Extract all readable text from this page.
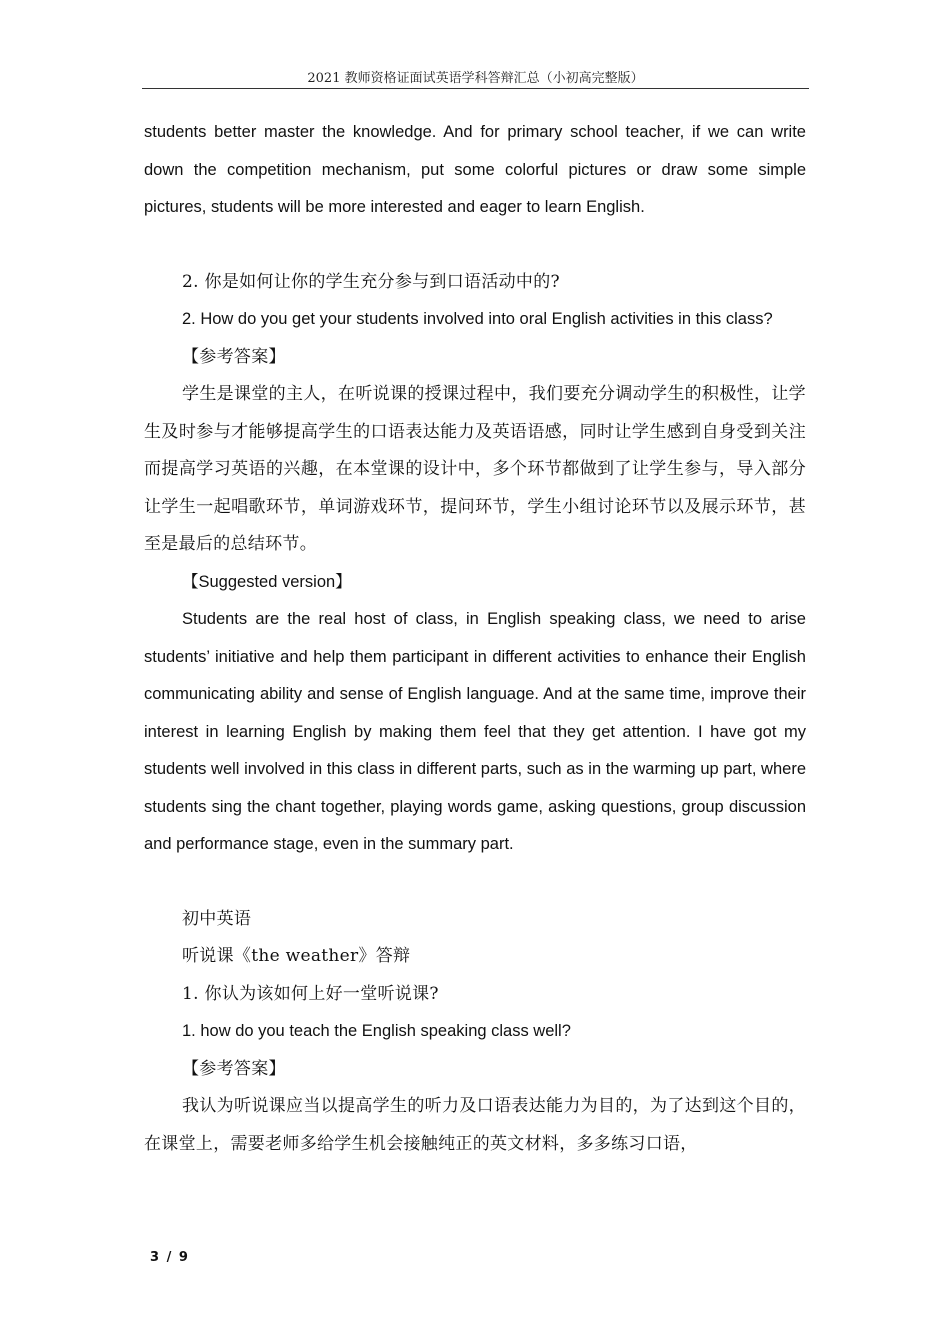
2021 教师资格证面试英语学科答辩汇总（小初高完整版）

students better master the knowledge. And for primary school teacher, if we can write down the competition mechanism, put some colorful pictures or draw some simple pictures, students will be more interested and eager to learn English.

2. 你是如何让你的学生充分参与到口语活动中的?

2. How do you get your students involved into oral English activities in this class?

【参考答案】

学生是课堂的主人，在听说课的授课过程中，我们要充分调动学生的积极性，让学生及时参与才能够提高学生的口语表达能力及英语语感，同时让学生感到自身受到关注而提高学习英语的兴趣，在本堂课的设计中，多个环节都做到了让学生参与，导入部分让学生一起唱歌环节，单词游戏环节，提问环节，学生小组讨论环节以及展示环节，甚至是最后的总结环节。

【Suggested version】

Students are the real host of class, in English speaking class, we need to arise students’ initiative and help them participant in different activities to enhance their English communicating ability and sense of English language. And at the same time, improve their interest in learning English by making them feel that they get attention. I have got my students well involved in this class in different parts, such as in the warming up part, where students sing the chant together, playing words game, asking questions, group discussion and performance stage, even in the summary part.

初中英语

听说课《the weather》答辩

1. 你认为该如何上好一堂听说课?

1. how do you teach the English speaking class well?

【参考答案】

我认为听说课应当以提高学生的听力及口语表达能力为目的，为了达到这个目的，在课堂上，需要老师多给学生机会接触纯正的英文材料，多多练习口语，

3 / 9
